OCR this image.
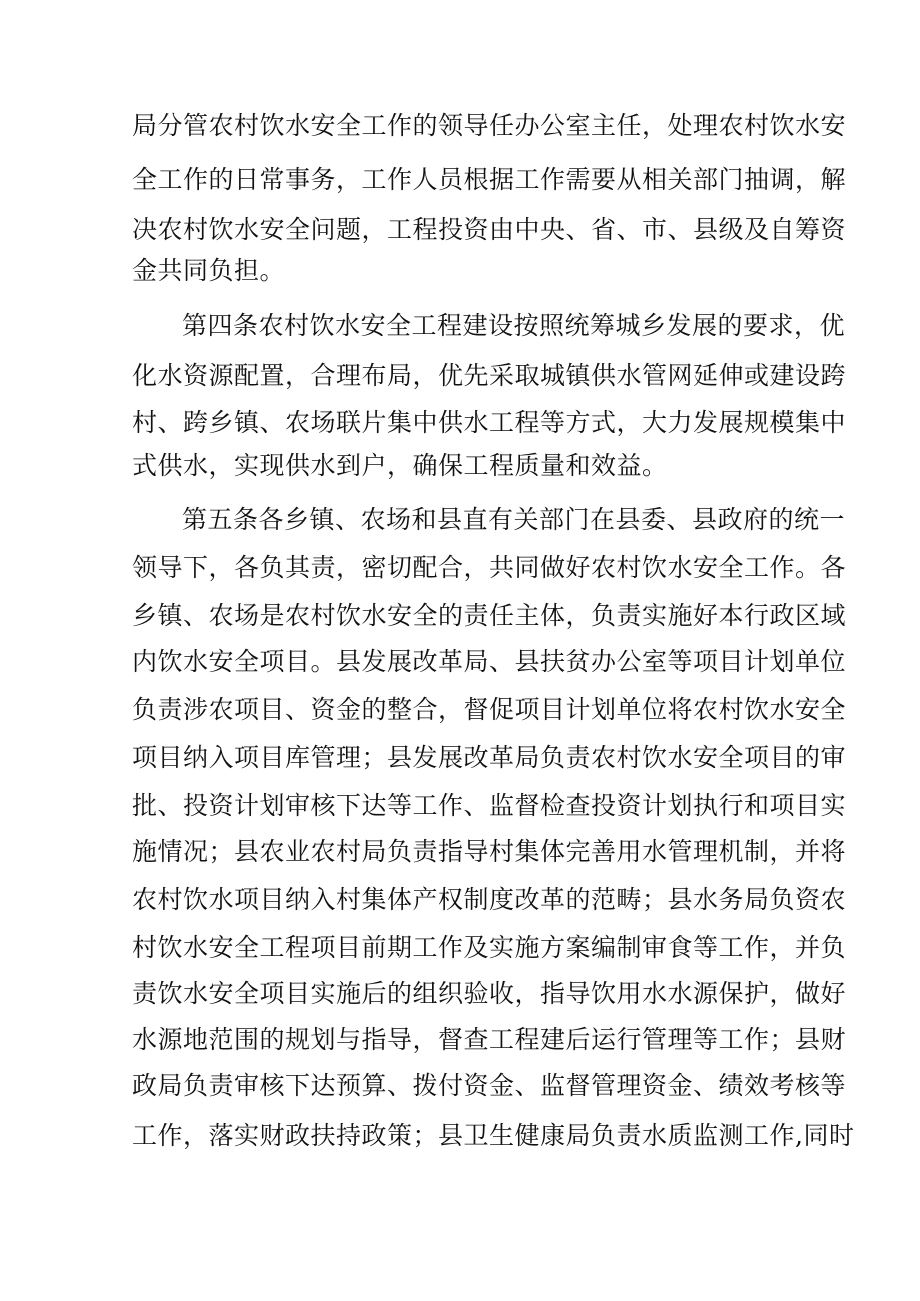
局分管农村饮水安全工作的领导任办公室主任，处理农村饮水安
全工作的日常事务，工作人员根据工作需要从相关部门抽调，解
决农村饮水安全问题，工程投资由中央、省、市、县级及自筹资
金共同负担。
第四条农村饮水安全工程建设按照统筹城乡发展的要求，优
化水资源配置，合理布局，优先采取城镇供水管网延伸或建设跨
村、跨乡镇、农场联片集中供水工程等方式，大力发展规模集中
式供水，实现供水到户，确保工程质量和效益。
第五条各乡镇、农场和县直有关部门在县委、县政府的统一
领导下，各负其责，密切配合，共同做好农村饮水安全工作。各
乡镇、农场是农村饮水安全的责任主体，负责实施好本行政区域
内饮水安全项目。县发展改革局、县扶贫办公室等项目计划单位
负责涉农项目、资金的整合，督促项目计划单位将农村饮水安全
项目纳入项目库管理；县发展改革局负责农村饮水安全项目的审
批、投资计划审核下达等工作、监督检查投资计划执行和项目实
施情况；县农业农村局负责指导村集体完善用水管理机制，并将
农村饮水项目纳入村集体产权制度改革的范畴；县水务局负资农
村饮水安全工程项目前期工作及实施方案编制审食等工作，并负
责饮水安全项目实施后的组织验收，指导饮用水水源保护，做好
水源地范围的规划与指导，督查工程建后运行管理等工作；县财
政局负责审核下达预算、拨付资金、监督管理资金、绩效考核等
工作，落实财政扶持政策；县卫生健康局负责水质监测工作,同时
